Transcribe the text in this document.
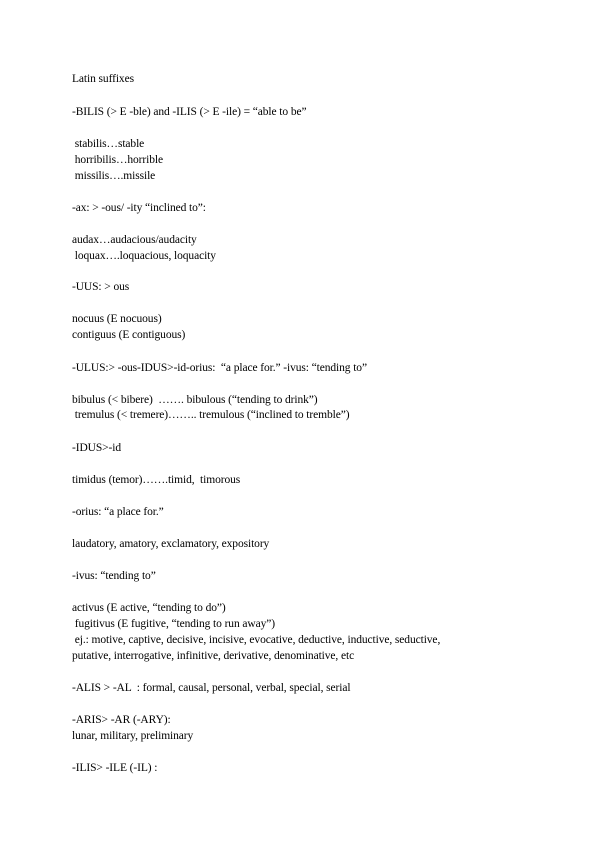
Latin suffixes
-BILIS (> E -ble) and -ILIS (> E -ile) = “able to be”
stabilis…stable
horribilis…horrible
missilis….missile
-ax: > -ous/ -ity “inclined to”:
audax…audacious/audacity
loquax….loquacious, loquacity
-UUS: > ous
nocuus (E nocuous)
contiguus (E contiguous)
-ULUS:> -ous-IDUS>-id-orius:  “a place for.” -ivus: “tending to”
bibulus (< bibere)  ……. bibulous (“tending to drink”)
tremulus (< tremere)…….. tremulous (“inclined to tremble”)
-IDUS>-id
timidus (temor)…….timid,  timorous
-orius: “a place for.”
laudatory, amatory, exclamatory, expository
-ivus: “tending to”
activus (E active, “tending to do”)
fugitivus (E fugitive, “tending to run away”)
ej.: motive, captive, decisive, incisive, evocative, deductive, inductive, seductive,
putative, interrogative, infinitive, derivative, denominative, etc
-ALIS > -AL  : formal, causal, personal, verbal, special, serial
-ARIS> -AR (-ARY):
lunar, military, preliminary
-ILIS> -ILE (-IL) :
